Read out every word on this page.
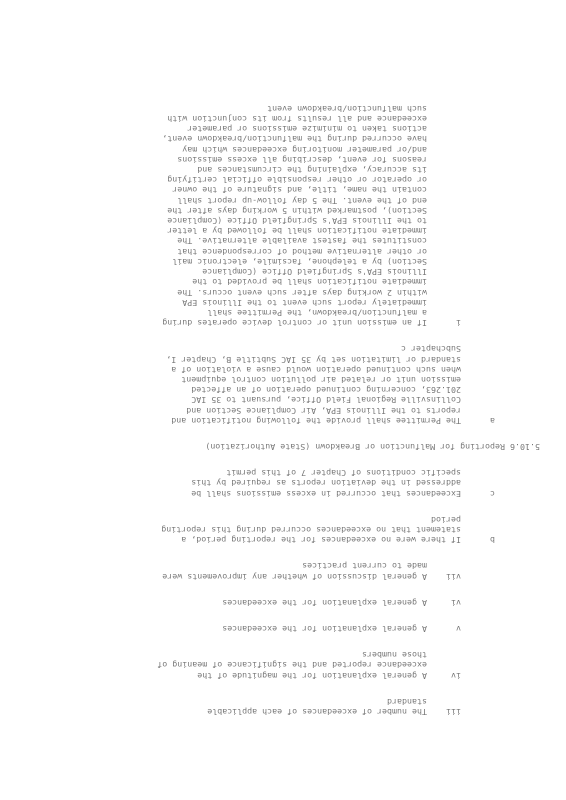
iii

The number of exceedances of each applicable

standard

iv

A general explanation for the magnitude of the

exceedance reported and the significance of meaning of

those numbers

v

A general explanation for the exceedances

vi

A general explanation for the exceedances

vii

A general discussion of whether any improvements were

made to current practices

b

If there were no exceedances for the reporting period, a

statement that no exceedances occurred during this reporting

period

c

Exceedances that occurred in excess emissions shall be

addressed in the deviation reports as required by this

specific conditions of Chapter 7 of this permit

5.10.6 Reporting for Malfunction or Breakdown (State Authorization)
a

The Permittee shall provide the following notification and

reports to the Illinois EPA, Air Compliance Section and

Collinsville Regional Field Office, pursuant to 35 IAC

201.263, concerning continued operation of an affected

emission unit or related air pollution control equipment

when such continued operation would cause a violation of a

standard or limitation set by 35 IAC Subtitle B, Chapter I,

Subchapter c

i

If an emission unit or control device operates during

a malfunction/breakdown, the Permittee shall

immediately report such event to the Illinois EPA

within 2 working days after such event occurs. The

immediate notification shall be provided to the

Illinois EPA's Springfield Office (Compliance

Section) by a telephone, facsimile, electronic mail

or other alternative method of correspondence that

constitutes the fastest available alternative. The

immediate notification shall be followed by a letter

to the Illinois EPA's Springfield Office (Compliance

Section), postmarked within 5 working days after the

end of the event. The 5 day follow-up report shall

contain the name, title, and signature of the owner

or operator or other responsible official certifying

its accuracy, explaining the circumstances and

reasons for event, describing all excess emissions

and/or parameter monitoring exceedances which may

have occurred during the malfunction/breakdown event,

actions taken to minimize emissions or parameter

exceedance and all results from its conjunction with

such malfunction/breakdown event
